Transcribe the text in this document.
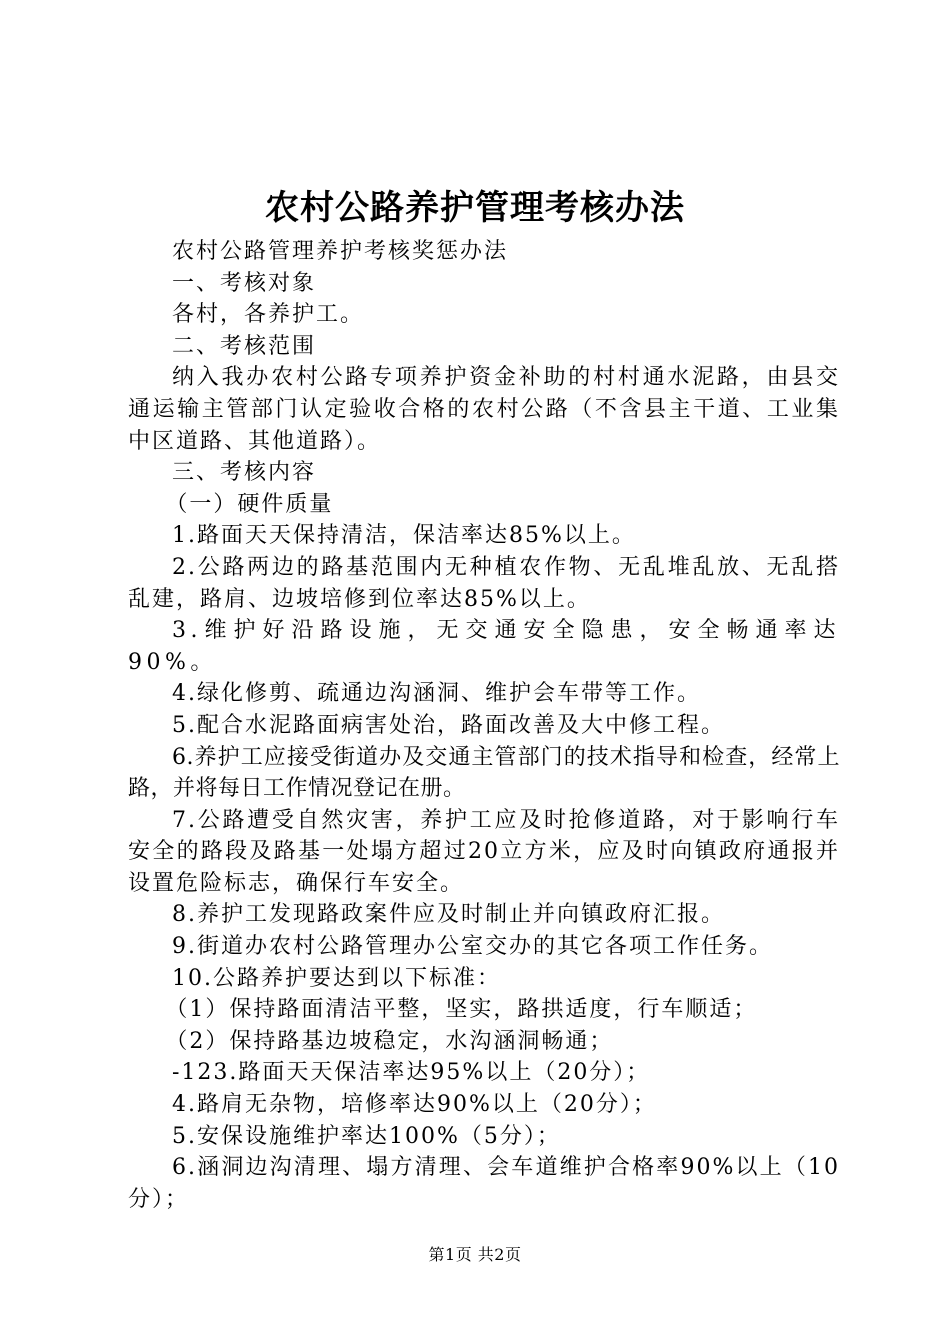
农村公路养护管理考核办法

农村公路管理养护考核奖惩办法

一、考核对象

各村，各养护工。

二、考核范围

纳入我办农村公路专项养护资金补助的村村通水泥路，由县交通运输主管部门认定验收合格的农村公路（不含县主干道、工业集中区道路、其他道路）。

三、考核内容

（一）硬件质量

1.路面天天保持清洁，保洁率达85%以上。

2.公路两边的路基范围内无种植农作物、无乱堆乱放、无乱搭乱建，路肩、边坡培修到位率达85%以上。

3.维护好沿路设施，无交通安全隐患，安全畅通率达90%。

4.绿化修剪、疏通边沟涵洞、维护会车带等工作。

5.配合水泥路面病害处治，路面改善及大中修工程。

6.养护工应接受街道办及交通主管部门的技术指导和检查，经常上路，并将每日工作情况登记在册。

7.公路遭受自然灾害，养护工应及时抢修道路，对于影响行车安全的路段及路基一处塌方超过20立方米，应及时向镇政府通报并设置危险标志，确保行车安全。

8.养护工发现路政案件应及时制止并向镇政府汇报。

9.街道办农村公路管理办公室交办的其它各项工作任务。

10.公路养护要达到以下标准：

（1）保持路面清洁平整，坚实，路拱适度，行车顺适；

（2）保持路基边坡稳定，水沟涵洞畅通；

-123.路面天天保洁率达95%以上（20分）；

4.路肩无杂物，培修率达90%以上（20分）；

5.安保设施维护率达100%（5分）；

6.涵洞边沟清理、塌方清理、会车道维护合格率90%以上（10分）；

第1页 共2页
